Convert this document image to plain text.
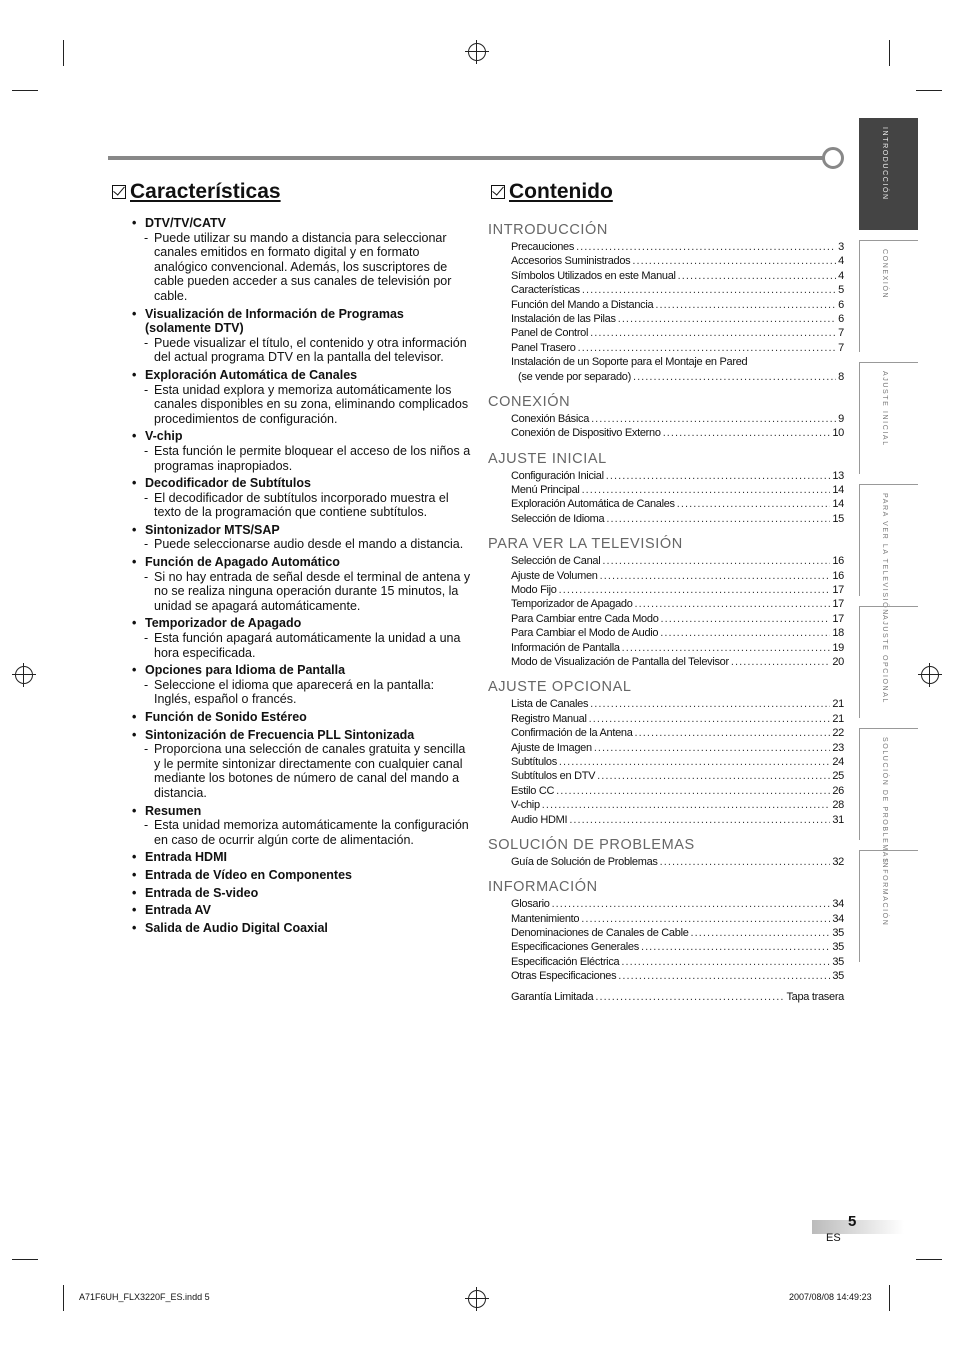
INTRODUCCIÓN
CONEXIÓN
AJUSTE INICIAL
PARA VER LA TELEVISIÓN
AJUSTE OPCIONAL
SOLUCIÓN DE PROBLEMAS
INFORMACIÓN
Características
• DTV/TV/CATV
- Puede utilizar su mando a distancia para seleccionar canales emitidos en formato digital y en formato analógico convencional. Además, los suscriptores de cable pueden acceder a sus canales de televisión por cable.
• Visualización de Información de Programas (solamente DTV)
- Puede visualizar el título, el contenido y otra información del actual programa DTV en la pantalla del televisor.
• Exploración Automática de Canales
- Esta unidad explora y memoriza automáticamente los canales disponibles en su zona, eliminando complicados procedimientos de configuración.
• V-chip
- Esta función le permite bloquear el acceso de los niños a programas inapropiados.
• Decodificador de Subtítulos
- El decodificador de subtítulos incorporado muestra el texto de la programación que contiene subtítulos.
• Sintonizador MTS/SAP
- Puede seleccionarse audio desde el mando a distancia.
• Función de Apagado Automático
- Si no hay entrada de señal desde el terminal de antena y no se realiza ninguna operación durante 15 minutos, la unidad se apagará automáticamente.
• Temporizador de Apagado
- Esta función apagará automáticamente la unidad a una hora especificada.
• Opciones para Idioma de Pantalla
- Seleccione el idioma que aparecerá en la pantalla: Inglés, español o francés.
• Función de Sonido Estéreo
• Sintonización de Frecuencia PLL Sintonizada
- Proporciona una selección de canales gratuita y sencilla y le permite sintonizar directamente con cualquier canal mediante los botones de número de canal del mando a distancia.
• Resumen
- Esta unidad memoriza automáticamente la configuración en caso de ocurrir algún corte de alimentación.
• Entrada HDMI
• Entrada de Vídeo en Componentes
• Entrada de S-video
• Entrada AV
• Salida de Audio Digital Coaxial
Contenido
INTRODUCCIÓN
Precauciones . . .	3
Accesorios Suministrados . . .	4
Símbolos Utilizados en este Manual . . .	4
Características . . .	5
Función del Mando a Distancia . . .	6
Instalación de las Pilas . . .	6
Panel de Control . . .	7
Panel Trasero . . .	7
Instalación de un Soporte para el Montaje en Pared
(se vende por separado) . . .	8
CONEXIÓN
Conexión Básica . . .	9
Conexión de Dispositivo Externo . . .	10
AJUSTE INICIAL
Configuración Inicial . . .	13
Menú Principal . . .	14
Exploración Automática de Canales . . .	14
Selección de Idioma . . .	15
PARA VER LA TELEVISIÓN
Selección de Canal . . .	16
Ajuste de Volumen . . .	16
Modo Fijo . . .	17
Temporizador de Apagado . . .	17
Para Cambiar entre Cada Modo . . .	17
Para Cambiar el Modo de Audio . . .	18
Información de Pantalla . . .	19
Modo de Visualización de Pantalla del Televisor . . .	20
AJUSTE OPCIONAL
Lista de Canales . . .	21
Registro Manual . . .	21
Confirmación de la Antena . . .	22
Ajuste de Imagen . . .	23
Subtítulos . . .	24
Subtítulos en DTV . . .	25
Estilo CC . . .	26
V-chip . . .	28
Audio HDMI . . .	31
SOLUCIÓN DE PROBLEMAS
Guía de Solución de Problemas . . .	32
INFORMACIÓN
Glosario . . .	34
Mantenimiento . . .	34
Denominaciones de Canales de Cable . . .	35
Especificaciones Generales . . .	35
Especificación Eléctrica . . .	35
Otras Especificaciones . . .	35
Garantía Limitada . . .	Tapa trasera
5
ES
A71F6UH_FLX3220F_ES.indd 5	2007/08/08 14:49:23
